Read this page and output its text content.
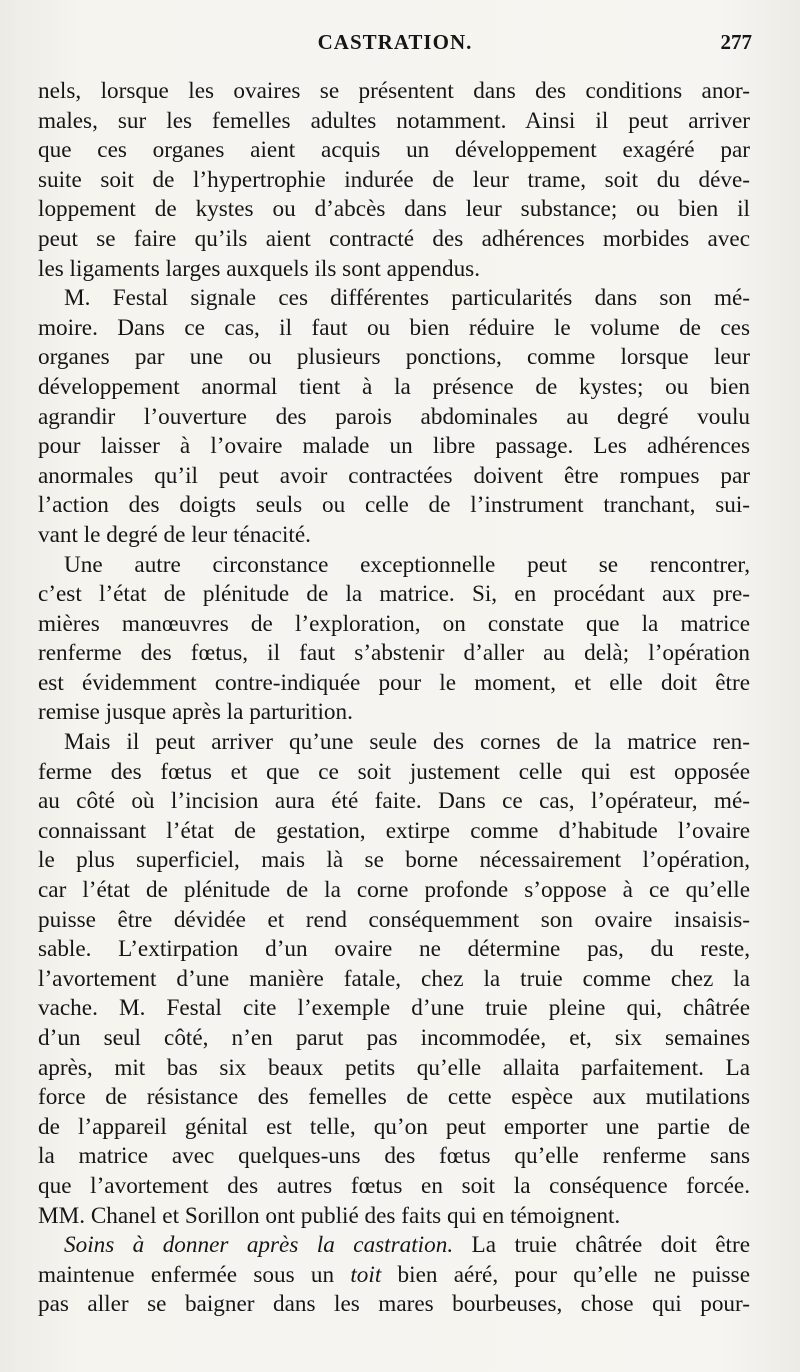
CASTRATION.	277
nels, lorsque les ovaires se présentent dans des conditions anor-
males, sur les femelles adultes notamment. Ainsi il peut arriver
que ces organes aient acquis un développement exagéré par
suite soit de l’hypertrophie indurée de leur trame, soit du déve-
loppement de kystes ou d’abcès dans leur substance; ou bien il
peut se faire qu’ils aient contracté des adhérences morbides avec
les ligaments larges auxquels ils sont appendus.
M. Festal signale ces différentes particularités dans son mé-
moire. Dans ce cas, il faut ou bien réduire le volume de ces
organes par une ou plusieurs ponctions, comme lorsque leur
développement anormal tient à la présence de kystes; ou bien
agrandir l’ouverture des parois abdominales au degré voulu
pour laisser à l’ovaire malade un libre passage. Les adhérences
anormales qu’il peut avoir contractées doivent être rompues par
l’action des doigts seuls ou celle de l’instrument tranchant, sui-
vant le degré de leur ténacité.
Une autre circonstance exceptionnelle peut se rencontrer,
c’est l’état de plénitude de la matrice. Si, en procédant aux pre-
mières manœuvres de l’exploration, on constate que la matrice
renferme des fœtus, il faut s’abstenir d’aller au delà; l’opération
est évidemment contre-indiquée pour le moment, et elle doit être
remise jusque après la parturition.
Mais il peut arriver qu’une seule des cornes de la matrice ren-
ferme des fœtus et que ce soit justement celle qui est opposée
au côté où l’incision aura été faite. Dans ce cas, l’opérateur, mé-
connaissant l’état de gestation, extirpe comme d’habitude l’ovaire
le plus superficiel, mais là se borne nécessairement l’opération,
car l’état de plénitude de la corne profonde s’oppose à ce qu’elle
puisse être dévidée et rend conséquemment son ovaire insaisis-
sable. L’extirpation d’un ovaire ne détermine pas, du reste,
l’avortement d’une manière fatale, chez la truie comme chez la
vache. M. Festal cite l’exemple d’une truie pleine qui, châtrée
d’un seul côté, n’en parut pas incommodée, et, six semaines
après, mit bas six beaux petits qu’elle allaita parfaitement. La
force de résistance des femelles de cette espèce aux mutilations
de l’appareil génital est telle, qu’on peut emporter une partie de
la matrice avec quelques-uns des fœtus qu’elle renferme sans
que l’avortement des autres fœtus en soit la conséquence forcée.
MM. Chanel et Sorillon ont publié des faits qui en témoignent.
Soins à donner après la castration. La truie châtrée doit être
maintenue enfermée sous un toit bien aéré, pour qu’elle ne puisse
pas aller se baigner dans les mares bourbeuses, chose qui pour-
